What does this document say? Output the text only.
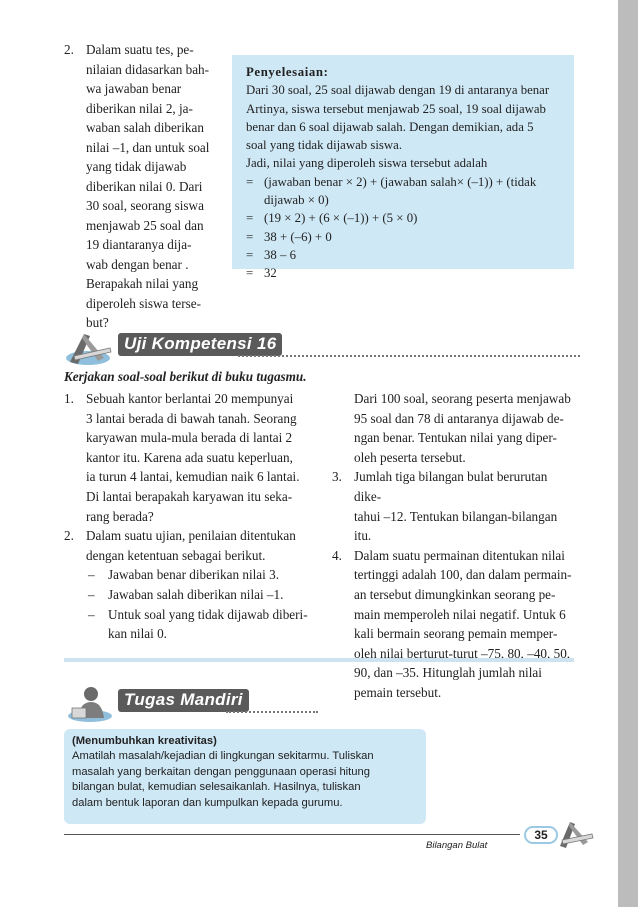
2. Dalam suatu tes, pe-
nilaian didasarkan bah-
wa jawaban benar
diberikan nilai 2, ja-
waban salah diberikan
nilai –1, dan untuk soal
yang tidak dijawab
diberikan nilai 0. Dari
30 soal, seorang siswa
menjawab 25 soal dan
19 diantaranya dija-
wab dengan benar .
Berapakah nilai yang
diperoleh siswa terse-
but?
Penyelesaian:
Dari 30 soal, 25 soal dijawab dengan 19 di antaranya benar
Artinya, siswa tersebut menjawab 25 soal, 19 soal dijawab
benar dan 6 soal dijawab salah. Dengan demikian, ada 5
soal yang tidak dijawab siswa.
Jadi, nilai yang diperoleh siswa tersebut adalah
= (jawaban benar × 2) + (jawaban salah× (–1)) + (tidak
dijawab × 0)
= (19 × 2) + (6 × (–1)) + (5 × 0)
= 38 + (–6) + 0
= 38 – 6
= 32
Uji Kompetensi 16
Kerjakan soal-soal berikut di buku tugasmu.
1. Sebuah kantor berlantai 20 mempunyai
3 lantai berada di bawah tanah. Seorang
karyawan mula-mula berada di lantai 2
kantor itu. Karena ada suatu keperluan,
ia turun 4 lantai, kemudian naik 6 lantai.
Di lantai berapakah karyawan itu seka-
rang berada?
2. Dalam suatu ujian, penilaian ditentukan
dengan ketentuan sebagai berikut.
– Jawaban benar diberikan nilai 3.
– Jawaban salah diberikan nilai –1.
– Untuk soal yang tidak dijawab diberi-
kan nilai 0.
Dari 100 soal, seorang peserta menjawab
95 soal dan 78 di antaranya dijawab de-
ngan benar. Tentukan nilai yang diper-
oleh peserta tersebut.
3. Jumlah tiga bilangan bulat berurutan dike-
tahui –12. Tentukan bilangan-bilangan
itu.
4. Dalam suatu permainan ditentukan nilai
tertinggi adalah 100, dan dalam permain-
an tersebut dimungkinkan seorang pe-
main memperoleh nilai negatif. Untuk 6
kali bermain seorang pemain memper-
oleh nilai berturut-turut –75, 80, –40, 50,
90, dan –35. Hitunglah jumlah nilai
pemain tersebut.
Tugas Mandiri
(Menumbuhkan kreativitas)
Amatilah masalah/kejadian di lingkungan sekitarmu. Tuliskan
masalah yang berkaitan dengan penggunaan operasi hitung
bilangan bulat, kemudian selesaikanlah. Hasilnya, tuliskan
dalam bentuk laporan dan kumpulkan kepada gurumu.
Bilangan Bulat
35
